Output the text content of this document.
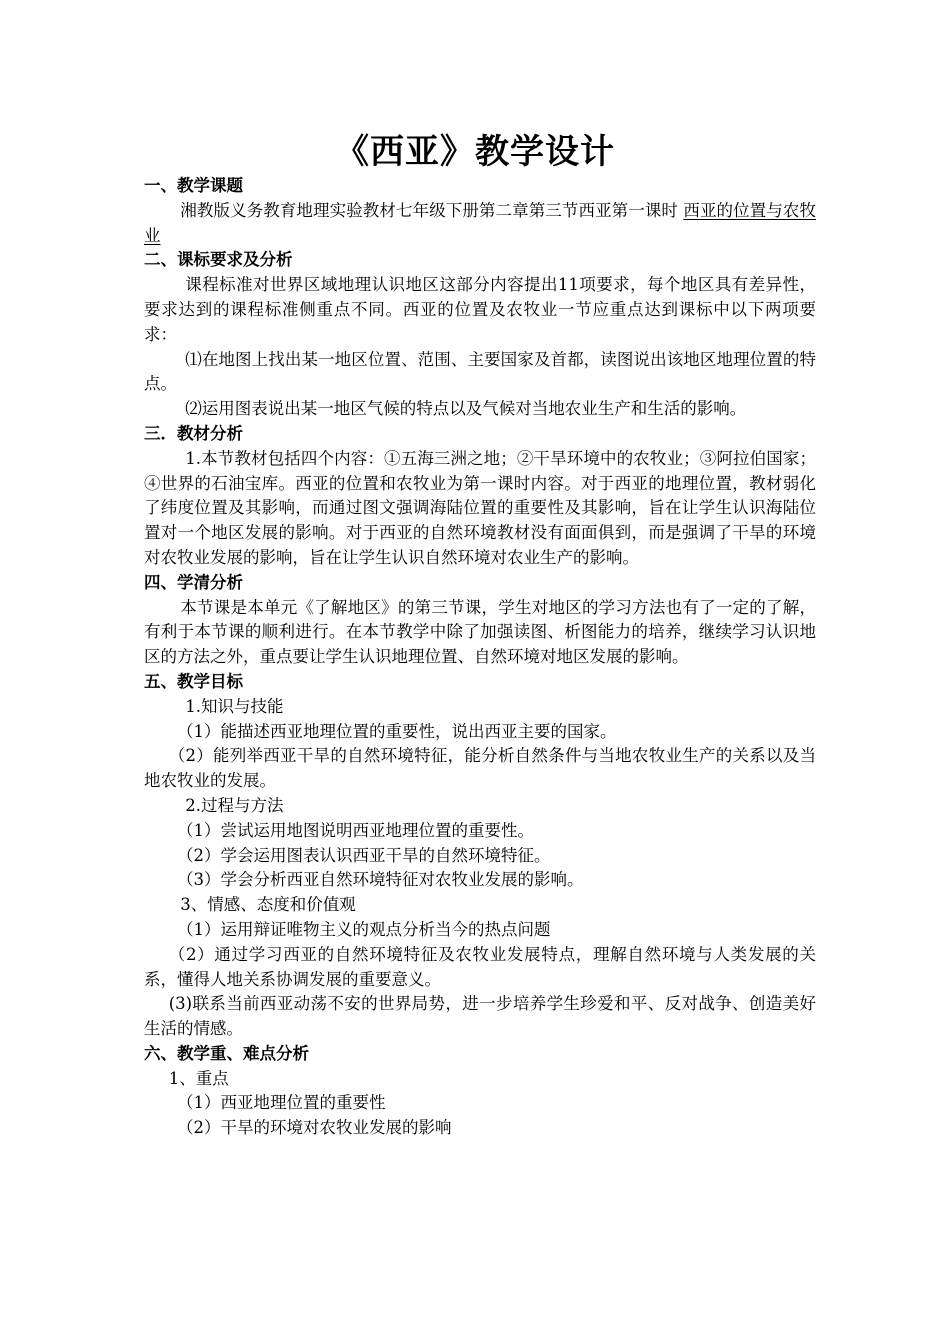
《西亚》教学设计

一、教学课题

湘教版义务教育地理实验教材七年级下册第二章第三节西亚第一课时 西亚的位置与农牧业

二、课标要求及分析

课程标准对世界区域地理认识地区这部分内容提出11项要求，每个地区具有差异性，要求达到的课程标准侧重点不同。西亚的位置及农牧业一节应重点达到课标中以下两项要求：

⑴在地图上找出某一地区位置、范围、主要国家及首都，读图说出该地区地理位置的特点。

⑵运用图表说出某一地区气候的特点以及气候对当地农业生产和生活的影响。

三．教材分析

1.本节教材包括四个内容：①五海三洲之地；②干旱环境中的农牧业；③阿拉伯国家；④世界的石油宝库。西亚的位置和农牧业为第一课时内容。对于西亚的地理位置，教材弱化了纬度位置及其影响，而通过图文强调海陆位置的重要性及其影响，旨在让学生认识海陆位置对一个地区发展的影响。对于西亚的自然环境教材没有面面俱到，而是强调了干旱的环境对农牧业发展的影响，旨在让学生认识自然环境对农业生产的影响。

四、学清分析

本节课是本单元《了解地区》的第三节课，学生对地区的学习方法也有了一定的了解，有利于本节课的顺利进行。在本节教学中除了加强读图、析图能力的培养，继续学习认识地区的方法之外，重点要让学生认识地理位置、自然环境对地区发展的影响。

五、教学目标

1.知识与技能

（1）能描述西亚地理位置的重要性，说出西亚主要的国家。

（2）能列举西亚干旱的自然环境特征，能分析自然条件与当地农牧业生产的关系以及当地农牧业的发展。

2.过程与方法

（1）尝试运用地图说明西亚地理位置的重要性。

（2）学会运用图表认识西亚干旱的自然环境特征。

（3）学会分析西亚自然环境特征对农牧业发展的影响。

3、情感、态度和价值观

（1）运用辩证唯物主义的观点分析当今的热点问题

（2）通过学习西亚的自然环境特征及农牧业发展特点，理解自然环境与人类发展的关系，懂得人地关系协调发展的重要意义。

(3)联系当前西亚动荡不安的世界局势，进一步培养学生珍爱和平、反对战争、创造美好生活的情感。

六、教学重、难点分析

1、重点

（1）西亚地理位置的重要性

（2）干旱的环境对农牧业发展的影响
